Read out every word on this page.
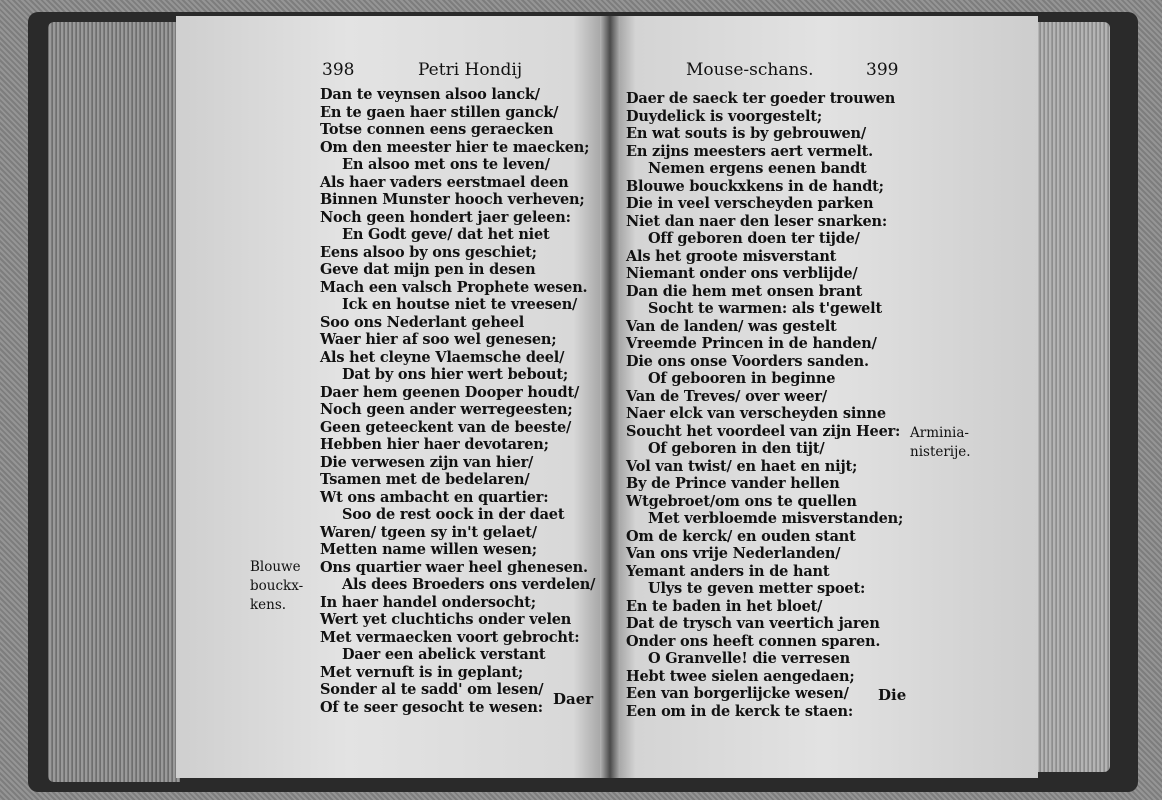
398	Petri Hondij
Dan te veynsen alsoo lanck/
En te gaen haer stillen ganck/
Totse connen eens geraecken
Om den meester hier te maecken;
En alsoo met ons te leven/
Als haer vaders eerstmael deen
Binnen Munster hooch verheven;
Noch geen hondert jaer geleen:
En Godt geve/ dat het niet
Eens alsoo by ons geschiet;
Geve dat mijn pen in desen
Mach een valsch Prophete wesen.
Ick en houtse niet te vreesen/
Soo ons Nederlant geheel
Waer hier af soo wel genesen;
Als het cleyne Vlaemsche deel/
Dat by ons hier wert bebout;
Daer hem geenen Dooper houdt/
Noch geen ander werregeesten;
Geen geteeckent van de beeste/
Hebben hier haer devotaren;
Die verwesen zijn van hier/
Tsamen met de bedelaren/
Wt ons ambacht en quartier:
Soo de rest oock in der daet
Waren/ tgeen sy in't gelaet/
Metten name willen wesen;
Ons quartier waer heel ghenesen.
Als dees Broeders ons verdelen/
In haer handel ondersocht;
Wert yet cluchtichs onder velen
Met vermaecken voort gebrocht:
Daer een abelick verstant
Met vernuft is in geplant;
Sonder al te sadd' om lesen/
Of te seer gesocht te wesen: Daer
Blouwe
bouckx-
kens.
Mouse-schans.	399
Daer de saeck ter goeder trouwen
Duydelick is voorgestelt;
En wat souts is by gebrouwen/
En zijns meesters aert vermelt.
Nemen ergens eenen bandt
Blouwe bouckxkens in de handt;
Die in veel verscheyden parken
Niet dan naer den leser snarken:
Off geboren doen ter tijde/
Als het groote misverstant
Niemant onder ons verblijde/
Dan die hem met onsen brant
Socht te warmen: als t'gewelt
Van de landen/ was gestelt
Vreemde Princen in de handen/
Die ons onse Voorders sanden.
Of gebooren in beginne
Van de Treves/ over weer/
Naer elck van verscheyden sinne
Soucht het voordeel van zijn Heer:
Of geboren in den tijt/
Vol van twist/ en haet en nijt;
By de Prince vander hellen
Wtgebroet/om ons te quellen
Met verbloemde misverstanden;
Om de kerck/ en ouden stant
Van ons vrije Nederlanden/
Yemant anders in de hant
Ulys te geven metter spoet:
En te baden in het bloet/
Dat de trysch van veertich jaren
Onder ons heeft connen sparen.
O Granvelle! die verresen
Hebt twee sielen aengedaen;
Een van borgerlijcke wesen/
Een om in de kerck te staen:
Die
Arminia-
nisterije.
